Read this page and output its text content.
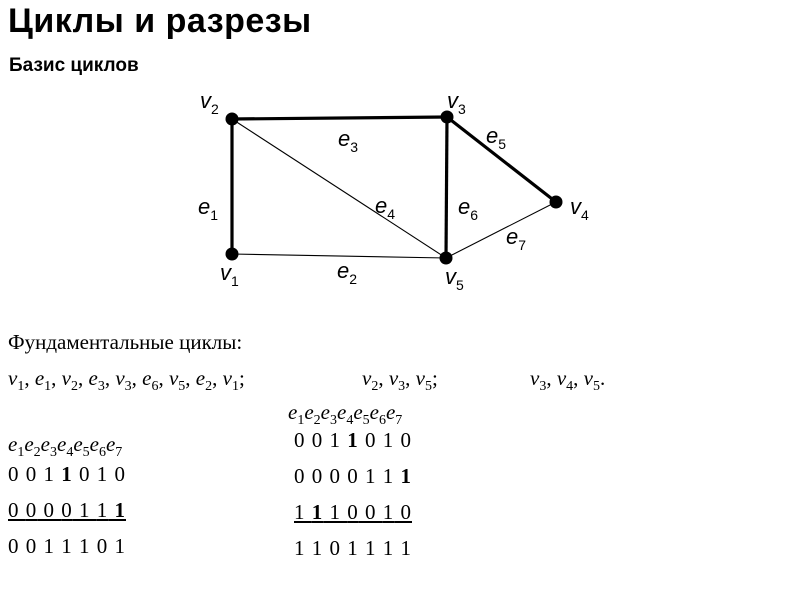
Циклы и разрезы
Базис циклов
$v_1$
$v_2$	$v_3$
$v_4$
$v_5$
$e_1$
$e_2$
$e_3$
$e_4$
$e_5$
$e_6$
$e_7$
Фундаментальные циклы:
$v_1$, $e_1$, $v_2$, $e_3$, $v_3$, $e_6$, $v_5$, $e_2$, $v_1$;	$v_2$, $v_3$, $v_5$;	$v_3$, $v_4$, $v_5$.
$e_1e_2e_3e_4e_5e_6e_7$
$e_1e_2e_3e_4e_5e_6e_7$
0 0 1 1 0 1 0
0 0 0 0 1 1 1
0 0 1 1 1 0 1
0 0 1 1 0 1 0
0 0 0 0 1 1 1
1 1 1 0 0 1 0
1 1 0 1 1 1 1
